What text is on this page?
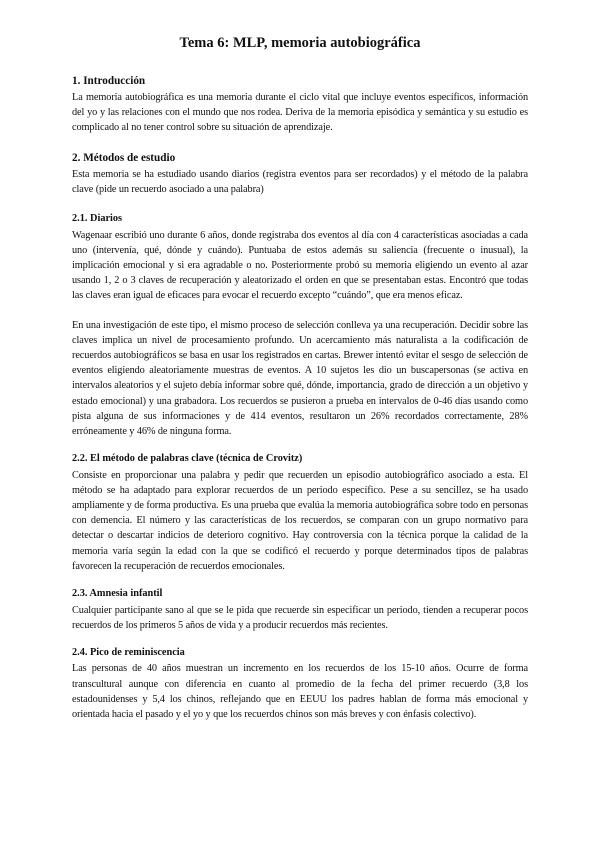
Tema 6: MLP, memoria autobiográfica
1. Introducción

La memoria autobiográfica es una memoria durante el ciclo vital que incluye eventos específicos, información del yo y las relaciones con el mundo que nos rodea. Deriva de la memoria episódica y semántica y su estudio es complicado al no tener control sobre su situación de aprendizaje.

2. Métodos de estudio

Esta memoria se ha estudiado usando diarios (registra eventos para ser recordados) y el método de la palabra clave (pide un recuerdo asociado a una palabra)

2.1. Diarios

Wagenaar escribió uno durante 6 años, donde registraba dos eventos al día con 4 características asociadas a cada uno (intervenía, qué, dónde y cuándo). Puntuaba de estos además su saliencia (frecuente o inusual), la implicación emocional y si era agradable o no. Posteriormente probó su memoria eligiendo un evento al azar usando 1, 2 o 3 claves de recuperación y aleatorizado el orden en que se presentaban estas. Encontró que todas las claves eran igual de eficaces para evocar el recuerdo excepto “cuándo”, que era menos eficaz.

En una investigación de este tipo, el mismo proceso de selección conlleva ya una recuperación. Decidir sobre las claves implica un nivel de procesamiento profundo. Un acercamiento más naturalista a la codificación de recuerdos autobiográficos se basa en usar los registrados en cartas. Brewer intentó evitar el sesgo de selección de eventos eligiendo aleatoriamente muestras de eventos. A 10 sujetos les dio un buscapersonas (se activa en intervalos aleatorios y el sujeto debía informar sobre qué, dónde, importancia, grado de dirección a un objetivo y estado emocional) y una grabadora. Los recuerdos se pusieron a prueba en intervalos de 0-46 días usando como pista alguna de sus informaciones y de 414 eventos, resultaron un 26% recordados correctamente, 28% erróneamente y 46% de ninguna forma.

2.2. El método de palabras clave (técnica de Crovitz)

Consiste en proporcionar una palabra y pedir que recuerden un episodio autobiográfico asociado a esta. El método se ha adaptado para explorar recuerdos de un periodo específico. Pese a su sencillez, se ha usado ampliamente y de forma productiva. Es una prueba que evalúa la memoria autobiográfica sobre todo en personas con demencia. El número y las características de los recuerdos, se comparan con un grupo normativo para detectar o descartar indicios de deterioro cognitivo. Hay controversia con la técnica porque la calidad de la memoria varía según la edad con la que se codificó el recuerdo y porque determinados tipos de palabras favorecen la recuperación de recuerdos emocionales.

2.3. Amnesia infantil

Cualquier participante sano al que se le pida que recuerde sin especificar un periodo, tienden a recuperar pocos recuerdos de los primeros 5 años de vida y a producir recuerdos más recientes.

2.4. Pico de reminiscencia

Las personas de 40 años muestran un incremento en los recuerdos de los 15-10 años. Ocurre de forma transcultural aunque con diferencia en cuanto al promedio de la fecha del primer recuerdo (3,8 los estadounidenses y 5,4 los chinos, reflejando que en EEUU los padres hablan de forma más emocional y orientada hacia el pasado y el yo y que los recuerdos chinos son más breves y con énfasis colectivo).
